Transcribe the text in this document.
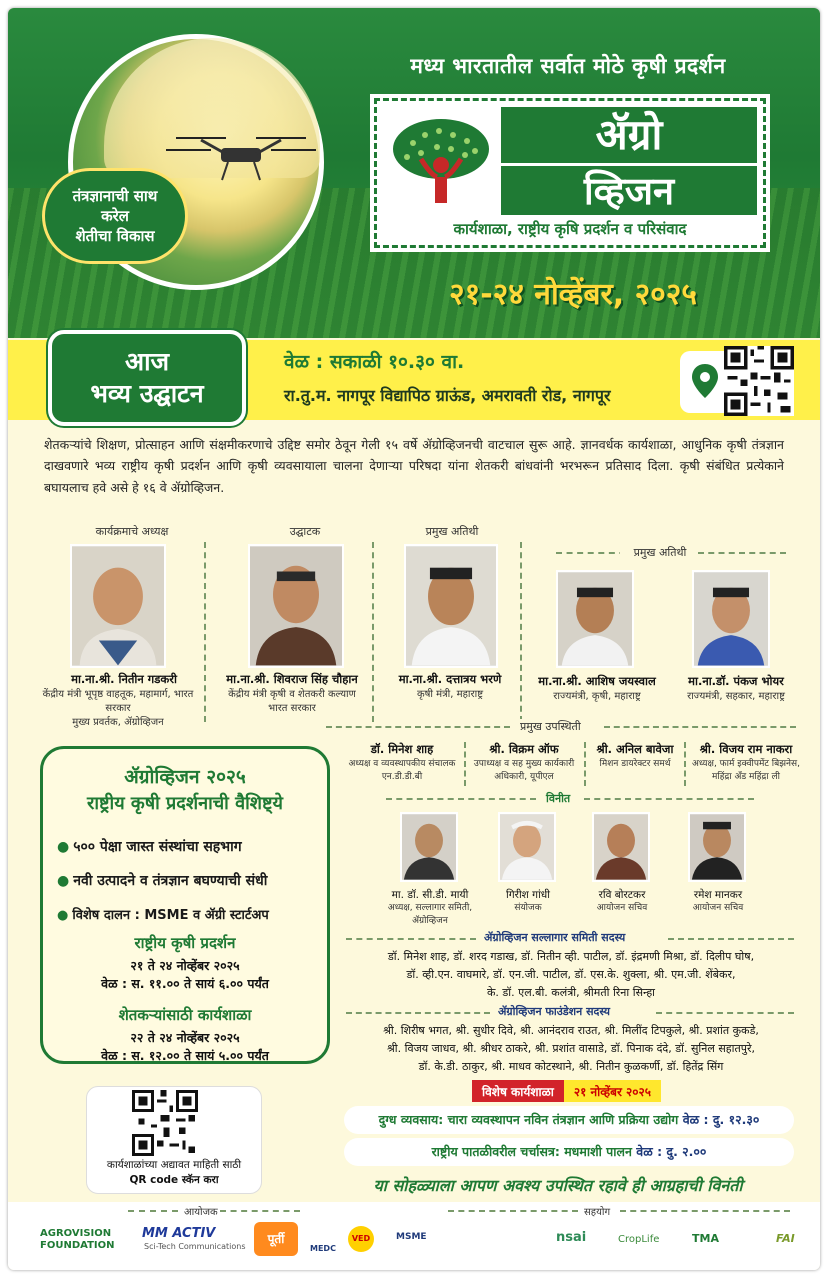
तंत्रज्ञानाची साथ
करेल
शेतीचा विकास
मध्य भारतातील सर्वात मोठे कृषी प्रदर्शन
ॲग्रो
व्हिजन
कार्यशाळा, राष्ट्रीय कृषि प्रदर्शन व परिसंवाद
२१-२४ नोव्हेंबर, २०२५
आज
भव्य उद्घाटन
वेळ : सकाळी १०.३० वा.
रा.तु.म. नागपूर विद्यापिठ ग्राऊंड, अमरावती रोड, नागपूर
शेतकऱ्यांचे शिक्षण, प्रोत्साहन आणि संक्षमीकरणाचे उद्दिष्ट समोर ठेवून गेली १५ वर्षे ॲग्रोव्हिजनची वाटचाल सुरू आहे. ज्ञानवर्धक कार्यशाळा, आधुनिक कृषी तंत्रज्ञान दाखवणारे भव्य राष्ट्रीय कृषी प्रदर्शन आणि कृषी व्यवसायाला चालना देणाऱ्या परिषदा यांना शेतकरी बांधवांनी भरभरून प्रतिसाद दिला. कृषी संबंधित प्रत्येकाने बघायलाच हवे असे हे १६ वे ॲग्रोव्हिजन.
कार्यक्रमाचे अध्यक्ष	उद्घाटक	प्रमुख अतिथी
प्रमुख अतिथी
मा.ना.श्री. नितीन गडकरी
केंद्रीय मंत्री भूपृष्ठ वाहतूक, महामार्ग, भारत सरकार
मुख्य प्रवर्तक, ॲग्रोव्हिजन
मा.ना.श्री. शिवराज सिंह चौहान
केंद्रीय मंत्री कृषी व शेतकरी कल्याण
भारत सरकार
मा.ना.श्री. दत्तात्रय भरणे
कृषी मंत्री, महाराष्ट्र
मा.ना.श्री. आशिष जयस्वाल
राज्यमंत्री, कृषी, महाराष्ट्र
मा.ना.डॉ. पंकज भोयर
राज्यमंत्री, सहकार, महाराष्ट्र
प्रमुख उपस्थिती
डॉ. मिनेश शाह
अध्यक्ष व व्यवस्थापकीय संचालक
एन.डी.डी.बी
श्री. विक्रम ऑफ
उपाध्यक्ष व सह मुख्य कार्यकारी
अधिकारी, यूपीएल
श्री. अनिल बावेजा
मिशन डायरेक्टर समर्थ
श्री. विजय राम नाकरा
अध्यक्ष, फार्म इक्वीपमेंट बिझनेस,
महिंद्रा ॲंड महिंद्रा ली
विनीत
मा. डॉ. सी.डी. मायी
अध्यक्ष, सल्लागार समिती,
ॲग्रोव्हिजन
गिरीश गांधी
संयोजक
रवि बोरटकर
आयोजन सचिव
रमेश मानकर
आयोजन सचिव
ॲग्रोव्हिजन २०२५
राष्ट्रीय कृषी प्रदर्शनाची वैशिष्ट्ये
● ५०० पेक्षा जास्त संस्थांचा सहभाग
● नवी उत्पादने व तंत्रज्ञान बघण्याची संधी
● विशेष दालन : MSME व ॲग्री स्टार्टअप
राष्ट्रीय कृषी प्रदर्शन
२१ ते २४ नोव्हेंबर २०२५
वेळ : स. ११.०० ते सायं ६.०० पर्यंत
शेतकऱ्यांसाठी कार्यशाळा
२२ ते २४ नोव्हेंबर २०२५
वेळ : स. १२.०० ते सायं ५.०० पर्यंत
कार्यशाळांच्या अद्यावत माहिती साठी
QR code स्कॅन करा
ॲग्रोव्हिजन सल्लागार समिती सदस्य
डॉ. मिनेश शाह, डॉ. शरद गडाख, डॉ. नितीन व्ही. पाटील, डॉ. इंद्रमणी मिश्रा, डॉ. दिलीप घोष,
डॉ. व्ही.एन. वाघमारे, डॉ. एन.जी. पाटील, डॉ. एस.के. शुक्ला, श्री. एम.जी. शेंबेकर,
के. डॉ. एल.बी. कलंत्री, श्रीमती रिना सिन्हा
ॲग्रोव्हिजन फाउंडेशन सदस्य
श्री. शिरीष भगत, श्री. सुधीर दिवे, श्री. आनंदराव राउत, श्री. मिलींद टिपकुले, श्री. प्रशांत कुकडे,
श्री. विजय जाधव, श्री. श्रीधर ठाकरे, श्री. प्रशांत वासाडे, डॉ. पिनाक दंदे, डॉ. सुनिल सहातपुरे,
डॉ. के.डी. ठाकुर, श्री. माधव कोटस्थाने, श्री. नितीन कुळकर्णी, डॉ. हितेंद्र सिंग
विशेष कार्यशाळा	२१ नोव्हेंबर २०२५
दुग्ध व्यवसाय: चारा व्यवस्थापन नविन तंत्रज्ञान आणि प्रक्रिया उद्योग वेळ : दु. १२.३०
राष्ट्रीय पातळीवरील चर्चासत्र: मधमाशी पालन वेळ : दु. २.००
या सोहळ्याला आपण अवश्य उपस्थित रहावे ही आग्रहाची विनंती
आयोजक	सहयोग
AGROVISION FOUNDATION
MM ACTIV
Sci-Tech Communications
पूर्ती
MEDC
VED	MSME	nsai	CropLife	TMA	FAI
